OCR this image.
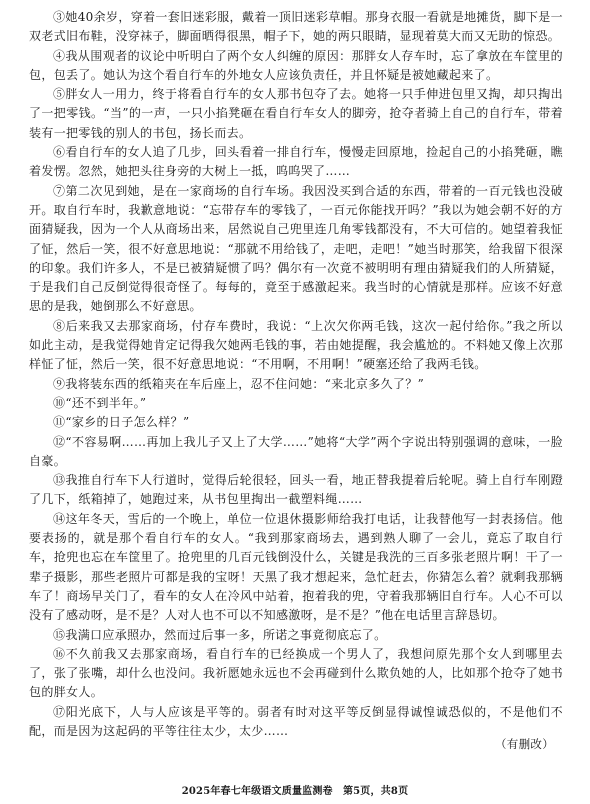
③她40余岁，穿着一套旧迷彩服，戴着一顶旧迷彩草帽。那身衣服一看就是地摊货，脚下是一双老式旧布鞋，没穿袜子，脚面晒得很黑，帽子下，她的两只眼睛，显现着莫大而又无助的惊恐。

④我从围观者的议论中听明白了两个女人纠缠的原因：那胖女人存车时，忘了拿放在车筐里的包，包丢了。她认为这个看自行车的外地女人应该负责任，并且怀疑是被她藏起来了。

⑤胖女人一用力，终于将看自行车的女人那书包夺了去。她将一只手伸进包里又掏，却只掏出了一把零钱。“当”的一声，一只小掐凳砸在看自行车女人的脚旁，抢夺者骑上自己的自行车，带着装有一把零钱的别人的书包，扬长而去。

⑥看自行车的女人追了几步，回头看着一排自行车，慢慢走回原地，捡起自己的小掐凳砸，瞧着发愣。忽然，她把头往身旁的大树上一抵，呜呜哭了……

⑦第二次见到她，是在一家商场的自行车场。我因没买到合适的东西，带着的一百元钱也没破开。取自行车时，我歉意地说：“忘带存车的零钱了，一百元你能找开吗？”我以为她会朝不好的方面猜疑我，因为一个人从商场出来，居然说自己兜里连几角零钱都没有，不大可信的。她望着我怔了怔，然后一笑，很不好意思地说：“那就不用给钱了，走吧，走吧！”她当时那笑，给我留下很深的印象。我们许多人，不是已被猜疑惯了吗？偶尔有一次竟不被明明有理由猜疑我们的人所猜疑，于是我们自己反倒觉得很奇怪了。每每的，竟至于感激起来。我当时的心情就是那样。应该不好意思的是我，她倒那么不好意思。

⑧后来我又去那家商场，付存车费时，我说：“上次欠你两毛钱，这次一起付给你。”我之所以如此主动，是我觉得她肯定记得我欠她两毛钱的事，若由她提醒，我会尴尬的。不料她又像上次那样怔了怔，然后一笑，很不好意思地说：“不用啊，不用啊！”硬塞还给了我两毛钱。

⑨我将装东西的纸箱夹在车后座上，忍不住问她：“来北京多久了？”

⑩“还不到半年。”

⑪“家乡的日子怎么样？”

⑫“不容易啊……再加上我儿子又上了大学……”她将“大学”两个字说出特别强调的意味，一脸自豪。

⑬我推自行车下人行道时，觉得后轮很轻，回头一看，地正替我提着后轮呢。骑上自行车刚蹬了几下，纸箱掉了，她跑过来，从书包里掏出一截塑料绳……

⑭这年冬天，雪后的一个晚上，单位一位退休摄影师给我打电话，让我替他写一封表扬信。他要表扬的，就是那个看自行车的女人。“我到那家商场去，遇到熟人聊了一会儿，竟忘了取自行车，抢兜也忘在车筐里了。抢兜里的几百元钱倒没什么，关键是我洗的三百多张老照片啊！干了一辈子摄影，那些老照片可都是我的宝呀！天黑了我才想起来，急忙赶去，你猜怎么着？就剩我那辆车了！商场早关门了，看车的女人在冷风中站着，抱着我的兜，守着我那辆旧自行车。人心不可以没有了感动呀，是不是？人对人也不可以不知感激呀，是不是？”他在电话里言辞恳切。

⑮我满口应承照办，然而过后事一多，所诺之事竟彻底忘了。

⑯不久前我又去那家商场，看自行车的已经换成一个男人了，我想问原先那个女人到哪里去了，张了张嘴，却什么也没问。我祈愿她永远也不会再碰到什么欺负她的人，比如那个抢夺了她书包的胖女人。

⑰阳光底下，人与人应该是平等的。弱者有时对这平等反倒显得诚惶诚恐似的，不是他们不配，而是因为这起码的平等往往太少，太少……

（有删改）
2025年春七年级语文质量监测卷　第5页，共8页
